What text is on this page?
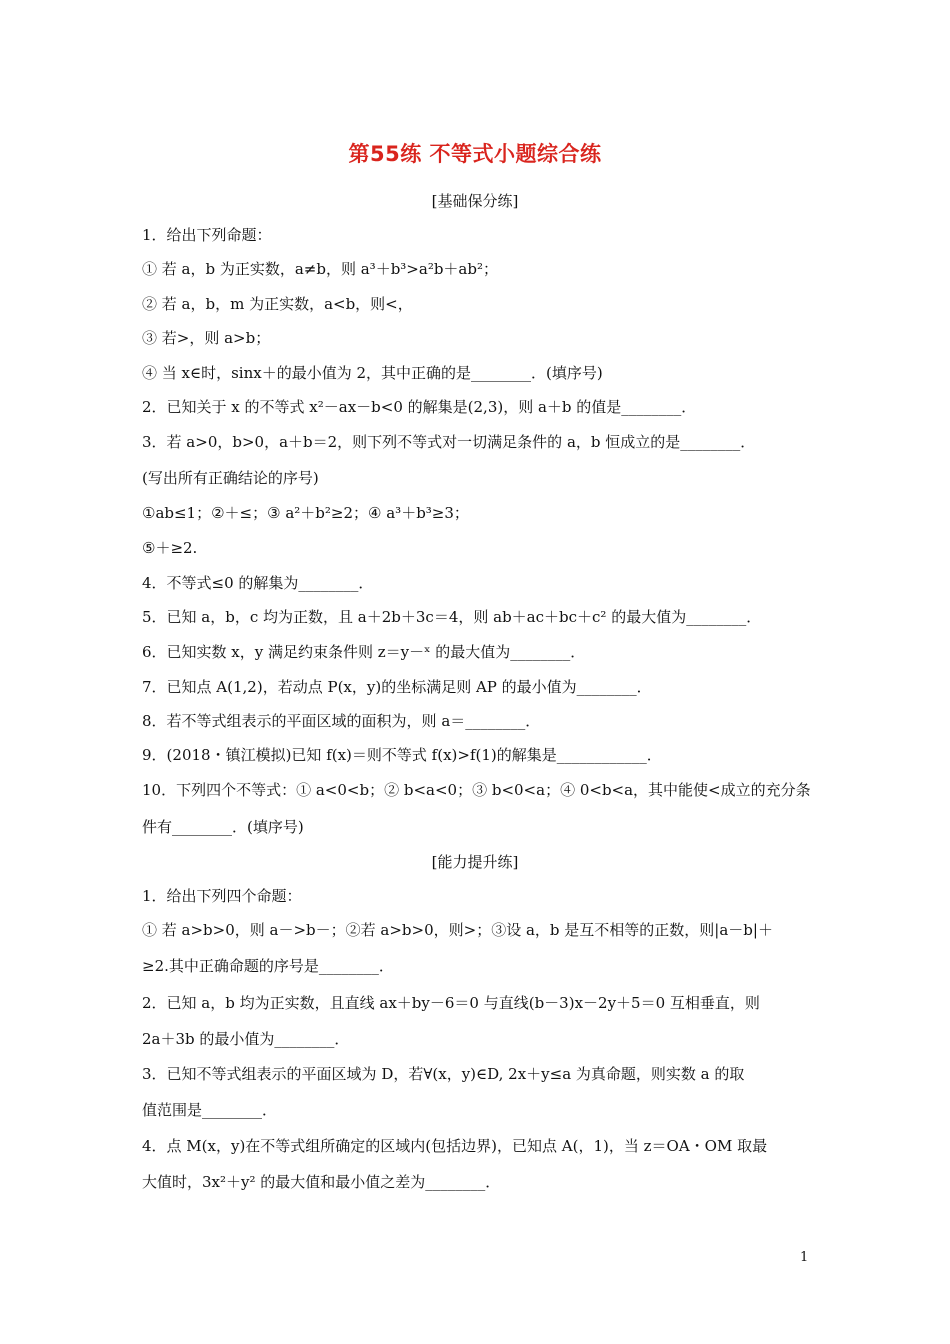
第55练 不等式小题综合练
[基础保分练]
1．给出下列命题：
① 若 a，b 为正实数，a≠b，则 a³＋b³>a²b＋ab²；
② 若 a，b，m 为正实数，a<b，则<，
③ 若>，则 a>b；
④ 当 x∈时，sinx＋的最小值为 2，其中正确的是________．(填序号)
2．已知关于 x 的不等式 x²－ax－b<0 的解集是(2,3)，则 a＋b 的值是________．
3．若 a>0，b>0，a＋b＝2，则下列不等式对一切满足条件的 a，b 恒成立的是________．
(写出所有正确结论的序号)
①ab≤1；②＋≤；③ a²＋b²≥2；④ a³＋b³≥3；
⑤＋≥2.
4．不等式≤0 的解集为________．
5．已知 a，b，c 均为正数，且 a＋2b＋3c＝4，则 ab＋ac＋bc＋c² 的最大值为________．
6．已知实数 x，y 满足约束条件则 z＝y－ˣ 的最大值为________．
7．已知点 A(1,2)，若动点 P(x，y)的坐标满足则 AP 的最小值为________．
8．若不等式组表示的平面区域的面积为，则 a＝________．
9．(2018・镇江模拟)已知 f(x)＝则不等式 f(x)>f(1)的解集是____________．
10．下列四个不等式：① a<0<b；② b<a<0；③ b<0<a；④ 0<b<a，其中能使<成立的充分条
件有________．(填序号)
[能力提升练]
1．给出下列四个命题：
① 若 a>b>0，则 a－>b－；②若 a>b>0，则>；③设 a，b 是互不相等的正数，则|a－b|＋
≥2.其中正确命题的序号是________．
2．已知 a，b 均为正实数，且直线 ax＋by－6＝0 与直线(b－3)x－2y＋5＝0 互相垂直，则
2a＋3b 的最小值为________．
3．已知不等式组表示的平面区域为 D，若∀(x，y)∈D, 2x＋y≤a 为真命题，则实数 a 的取
值范围是________．
4．点 M(x，y)在不等式组所确定的区域内(包括边界)，已知点 A(，1)，当 z＝OA・OM 取最
大值时，3x²＋y² 的最大值和最小值之差为________．
1
